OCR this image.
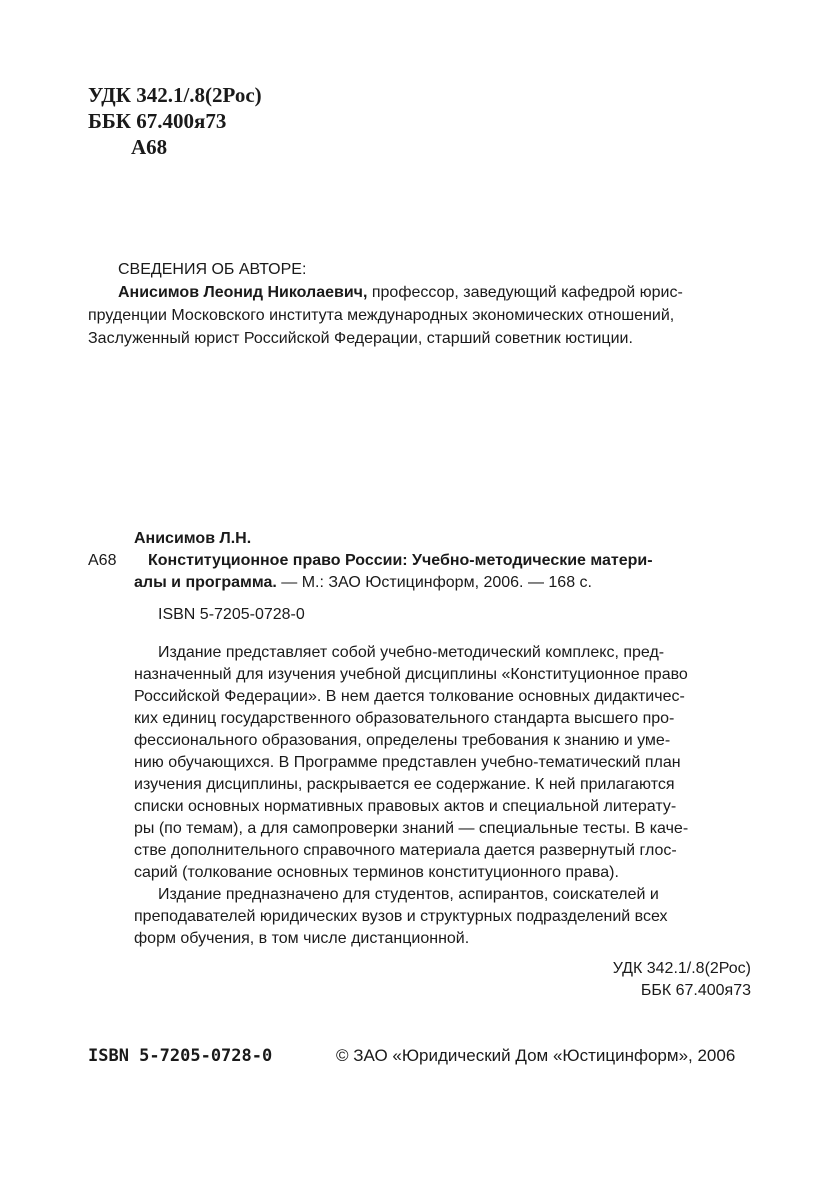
УДК 342.1/.8(2Рос)
ББК 67.400я73
А68
СВЕДЕНИЯ ОБ АВТОРЕ:
Анисимов Леонид Николаевич, профессор, заведующий кафедрой юрис-
пруденции Московского института международных экономических отношений,
Заслуженный юрист Российской Федерации, старший советник юстиции.
Анисимов Л.Н.
А68	Конституционное право России: Учебно-методические матери-
алы и программа. — М.: ЗАО Юстицинформ, 2006. — 168 с.
ISBN 5-7205-0728-0
Издание представляет собой учебно-методический комплекс, пред-
назначенный для изучения учебной дисциплины «Конституционное право
Российской Федерации». В нем дается толкование основных дидактичес-
ких единиц государственного образовательного стандарта высшего про-
фессионального образования, определены требования к знанию и уме-
нию обучающихся. В Программе представлен учебно-тематический план
изучения дисциплины, раскрывается ее содержание. К ней прилагаются
списки основных нормативных правовых актов и специальной литерату-
ры (по темам), а для самопроверки знаний — специальные тесты. В каче-
стве дополнительного справочного материала дается развернутый глос-
сарий (толкование основных терминов конституционного права).
Издание предназначено для студентов, аспирантов, соискателей и
преподавателей юридических вузов и структурных подразделений всех
форм обучения, в том числе дистанционной.
УДК 342.1/.8(2Рос)
ББК 67.400я73
ISBN 5-7205-0728-0	© ЗАО «Юридический Дом «Юстицинформ», 2006
